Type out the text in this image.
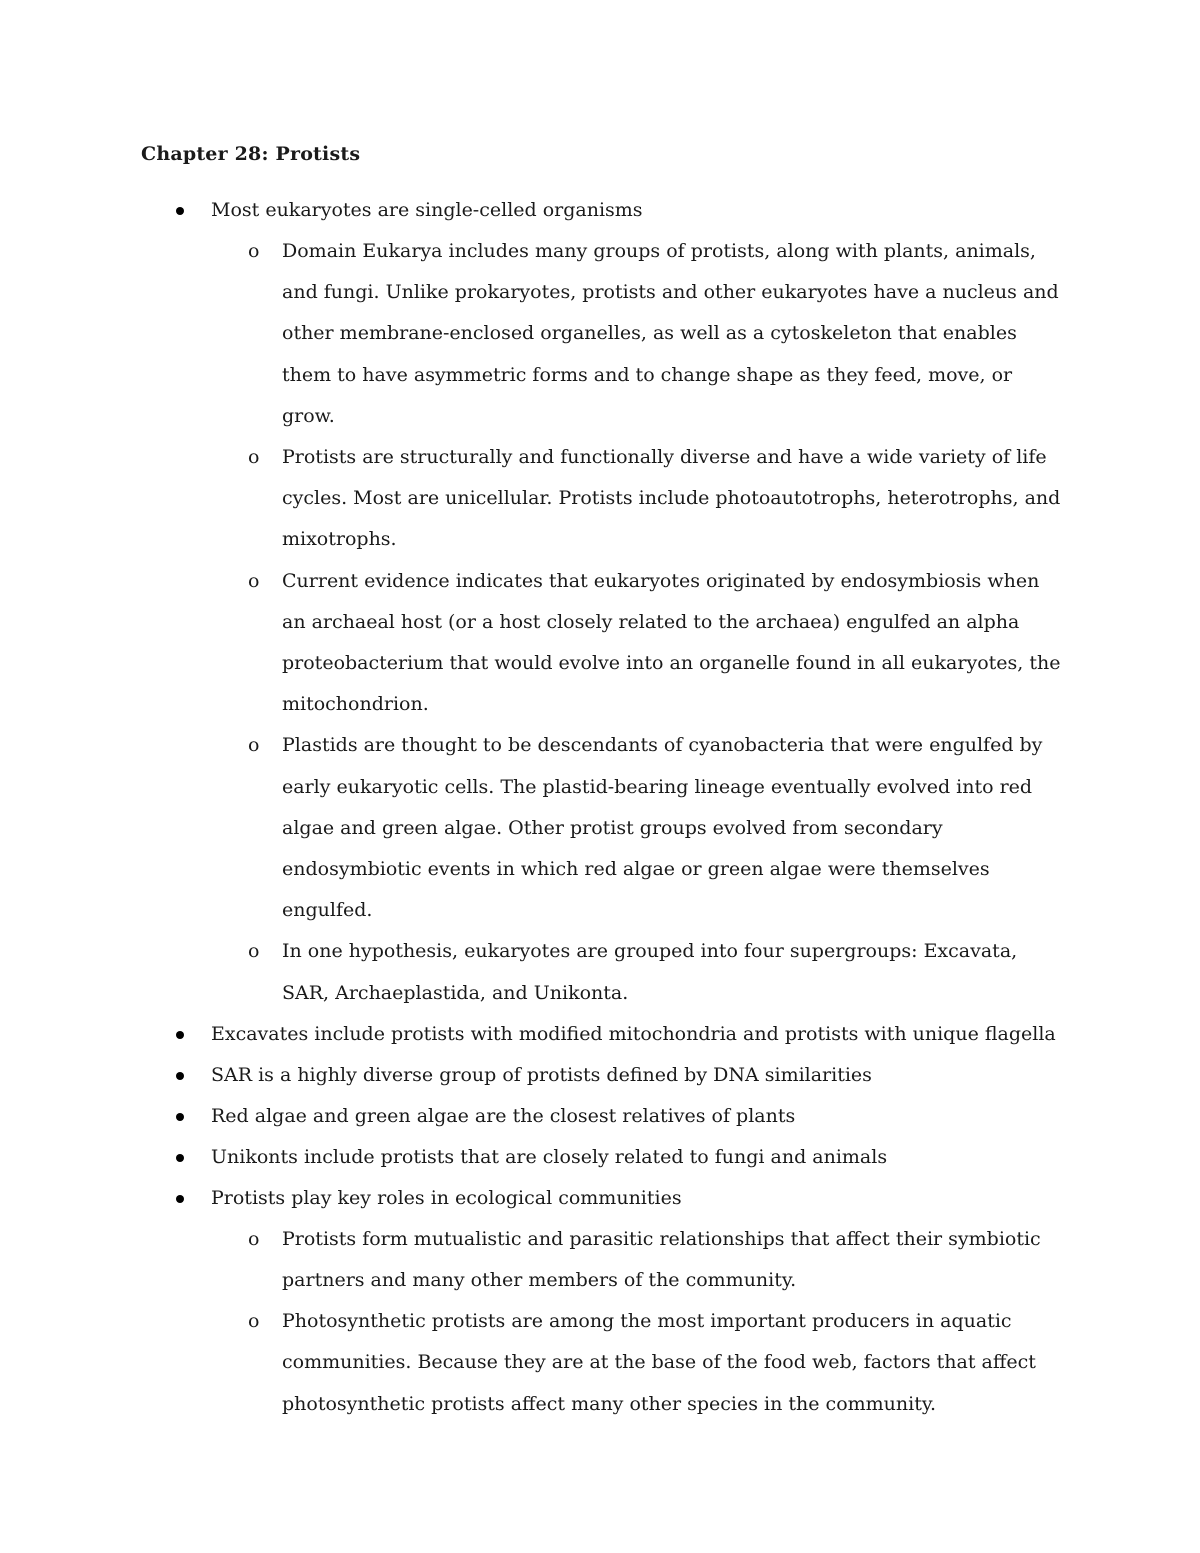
Chapter 28: Protists
Most eukaryotes are single-celled organisms
o Domain Eukarya includes many groups of protists, along with plants, animals, and fungi. Unlike prokaryotes, protists and other eukaryotes have a nucleus and other membrane-enclosed organelles, as well as a cytoskeleton that enables them to have asymmetric forms and to change shape as they feed, move, or grow.
o Protists are structurally and functionally diverse and have a wide variety of life cycles. Most are unicellular. Protists include photoautotrophs, heterotrophs, and mixotrophs.
o Current evidence indicates that eukaryotes originated by endosymbiosis when an archaeal host (or a host closely related to the archaea) engulfed an alpha proteobacterium that would evolve into an organelle found in all eukaryotes, the mitochondrion.
o Plastids are thought to be descendants of cyanobacteria that were engulfed by early eukaryotic cells. The plastid-bearing lineage eventually evolved into red algae and green algae. Other protist groups evolved from secondary endosymbiotic events in which red algae or green algae were themselves engulfed.
o In one hypothesis, eukaryotes are grouped into four supergroups: Excavata, SAR, Archaeplastida, and Unikonta.
Excavates include protists with modified mitochondria and protists with unique flagella
SAR is a highly diverse group of protists defined by DNA similarities
Red algae and green algae are the closest relatives of plants
Unikonts include protists that are closely related to fungi and animals
Protists play key roles in ecological communities
o Protists form mutualistic and parasitic relationships that affect their symbiotic partners and many other members of the community.
o Photosynthetic protists are among the most important producers in aquatic communities. Because they are at the base of the food web, factors that affect photosynthetic protists affect many other species in the community.
